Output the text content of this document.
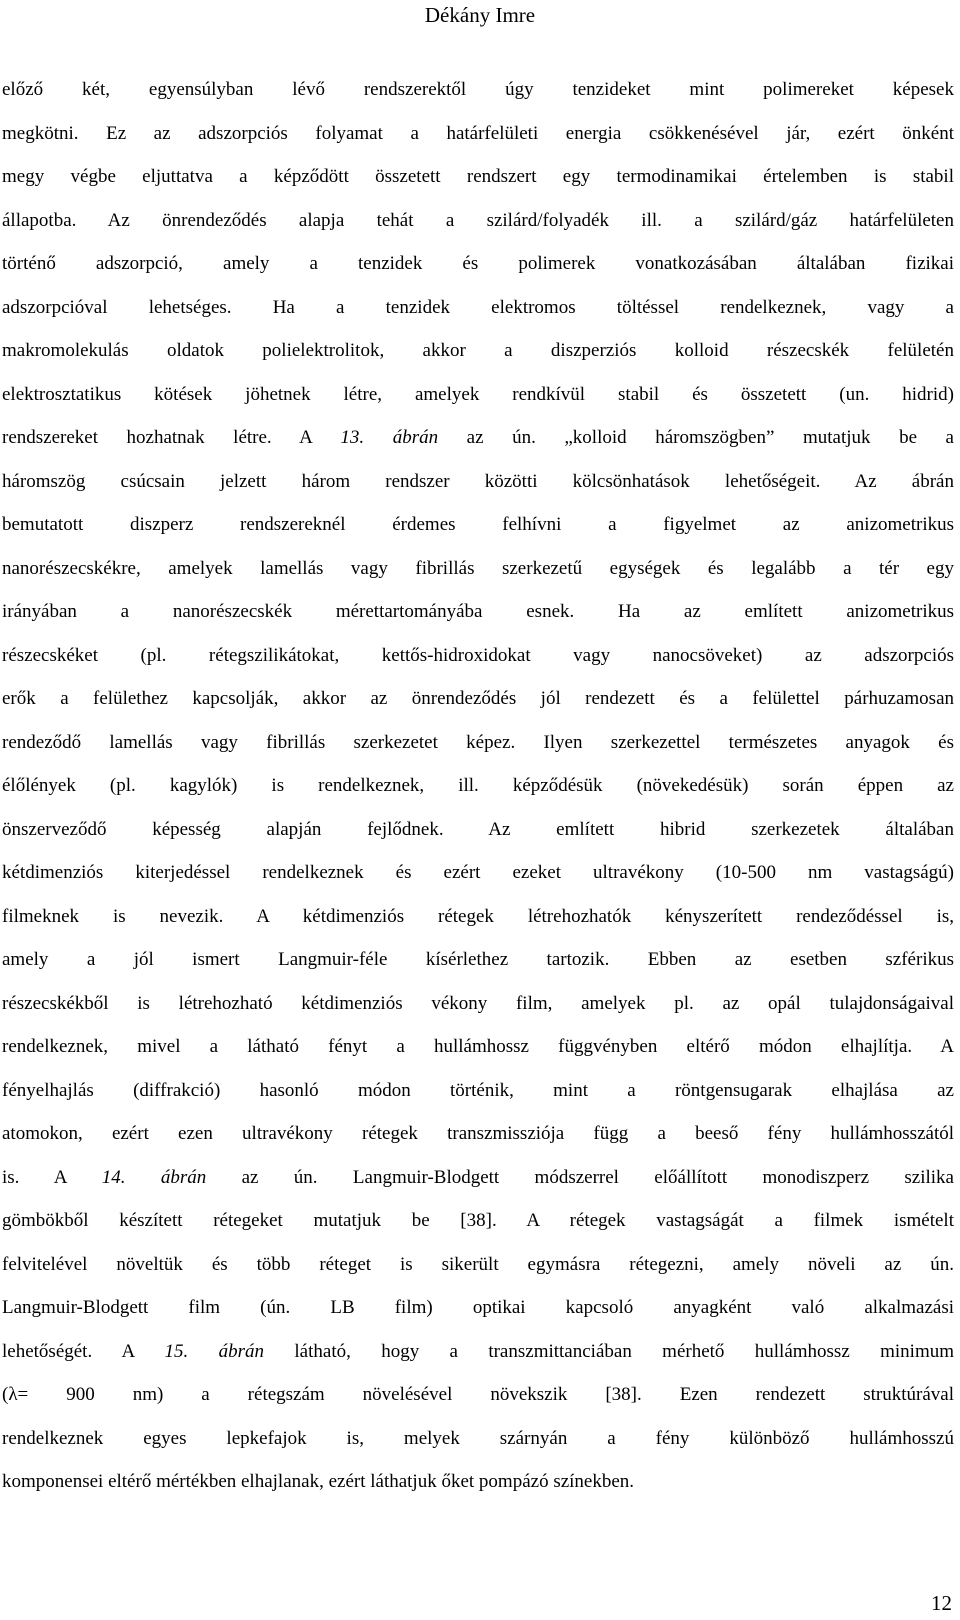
Dékány Imre
előző két, egyensúlyban lévő rendszerektől úgy tenzideket mint polimereket képesek
megkötni. Ez az adszorpciós folyamat a határfelületi energia csökkenésével jár, ezért önként
megy végbe eljuttatva a képződött összetett rendszert egy termodinamikai értelemben is stabil
állapotba. Az önrendeződés alapja tehát a szilárd/folyadék ill. a szilárd/gáz határfelületen
történő adszorpció, amely a tenzidek és polimerek vonatkozásában általában fizikai
adszorpcióval lehetséges. Ha a tenzidek elektromos töltéssel rendelkeznek, vagy a
makromolekulás oldatok polielektrolitok, akkor a diszperziós kolloid részecskék felületén
elektrosztatikus kötések jöhetnek létre, amelyek rendkívül stabil és összetett (un. hidrid)
rendszereket hozhatnak létre. A 13. ábrán az ún. „kolloid háromszögben” mutatjuk be a
háromszög csúcsain jelzett három rendszer közötti kölcsönhatások lehetőségeit. Az ábrán
bemutatott diszperz rendszereknél érdemes felhívni a figyelmet az anizometrikus
nanorészecskékre, amelyek lamellás vagy fibrillás szerkezetű egységek és legalább a tér egy
irányában a nanorészecskék mérettartományába esnek. Ha az említett anizometrikus
részecskéket (pl. rétegszilikátokat, kettős-hidroxidokat vagy nanocsöveket) az adszorpciós
erők a felülethez kapcsolják, akkor az önrendeződés jól rendezett és a felülettel párhuzamosan
rendeződő lamellás vagy fibrillás szerkezetet képez. Ilyen szerkezettel természetes anyagok és
élőlények (pl. kagylók) is rendelkeznek, ill. képződésük (növekedésük) során éppen az
önszerveződő képesség alapján fejlődnek. Az említett hibrid szerkezetek általában
kétdimenziós kiterjedéssel rendelkeznek és ezért ezeket ultravékony (10-500 nm vastagságú)
filmeknek is nevezik. A kétdimenziós rétegek létrehozhatók kényszerített rendeződéssel is,
amely a jól ismert Langmuir-féle kísérlethez tartozik. Ebben az esetben szférikus
részecskékből is létrehozható kétdimenziós vékony film, amelyek pl. az opál tulajdonságaival
rendelkeznek, mivel a látható fényt a hullámhossz függvényben eltérő módon elhajlítja. A
fényelhajlás (diffrakció) hasonló módon történik, mint a röntgensugarak elhajlása az
atomokon, ezért ezen ultravékony rétegek transzmissziója függ a beeső fény hullámhosszától
is. A 14. ábrán az ún. Langmuir-Blodgett módszerrel előállított monodiszperz szilika
gömbökből készített rétegeket mutatjuk be [38]. A rétegek vastagságát a filmek ismételt
felvitelével növeltük és több réteget is sikerült egymásra rétegezni, amely növeli az ún.
Langmuir-Blodgett film (ún. LB film) optikai kapcsoló anyagként való alkalmazási
lehetőségét. A 15. ábrán látható, hogy a transzmittanciában mérhető hullámhossz minimum
(λ= 900 nm) a rétegszám növelésével növekszik [38]. Ezen rendezett struktúrával
rendelkeznek egyes lepkefajok is, melyek szárnyán a fény különböző hullámhosszú
komponensei eltérő mértékben elhajlanak, ezért láthatjuk őket pompázó színekben.
12
